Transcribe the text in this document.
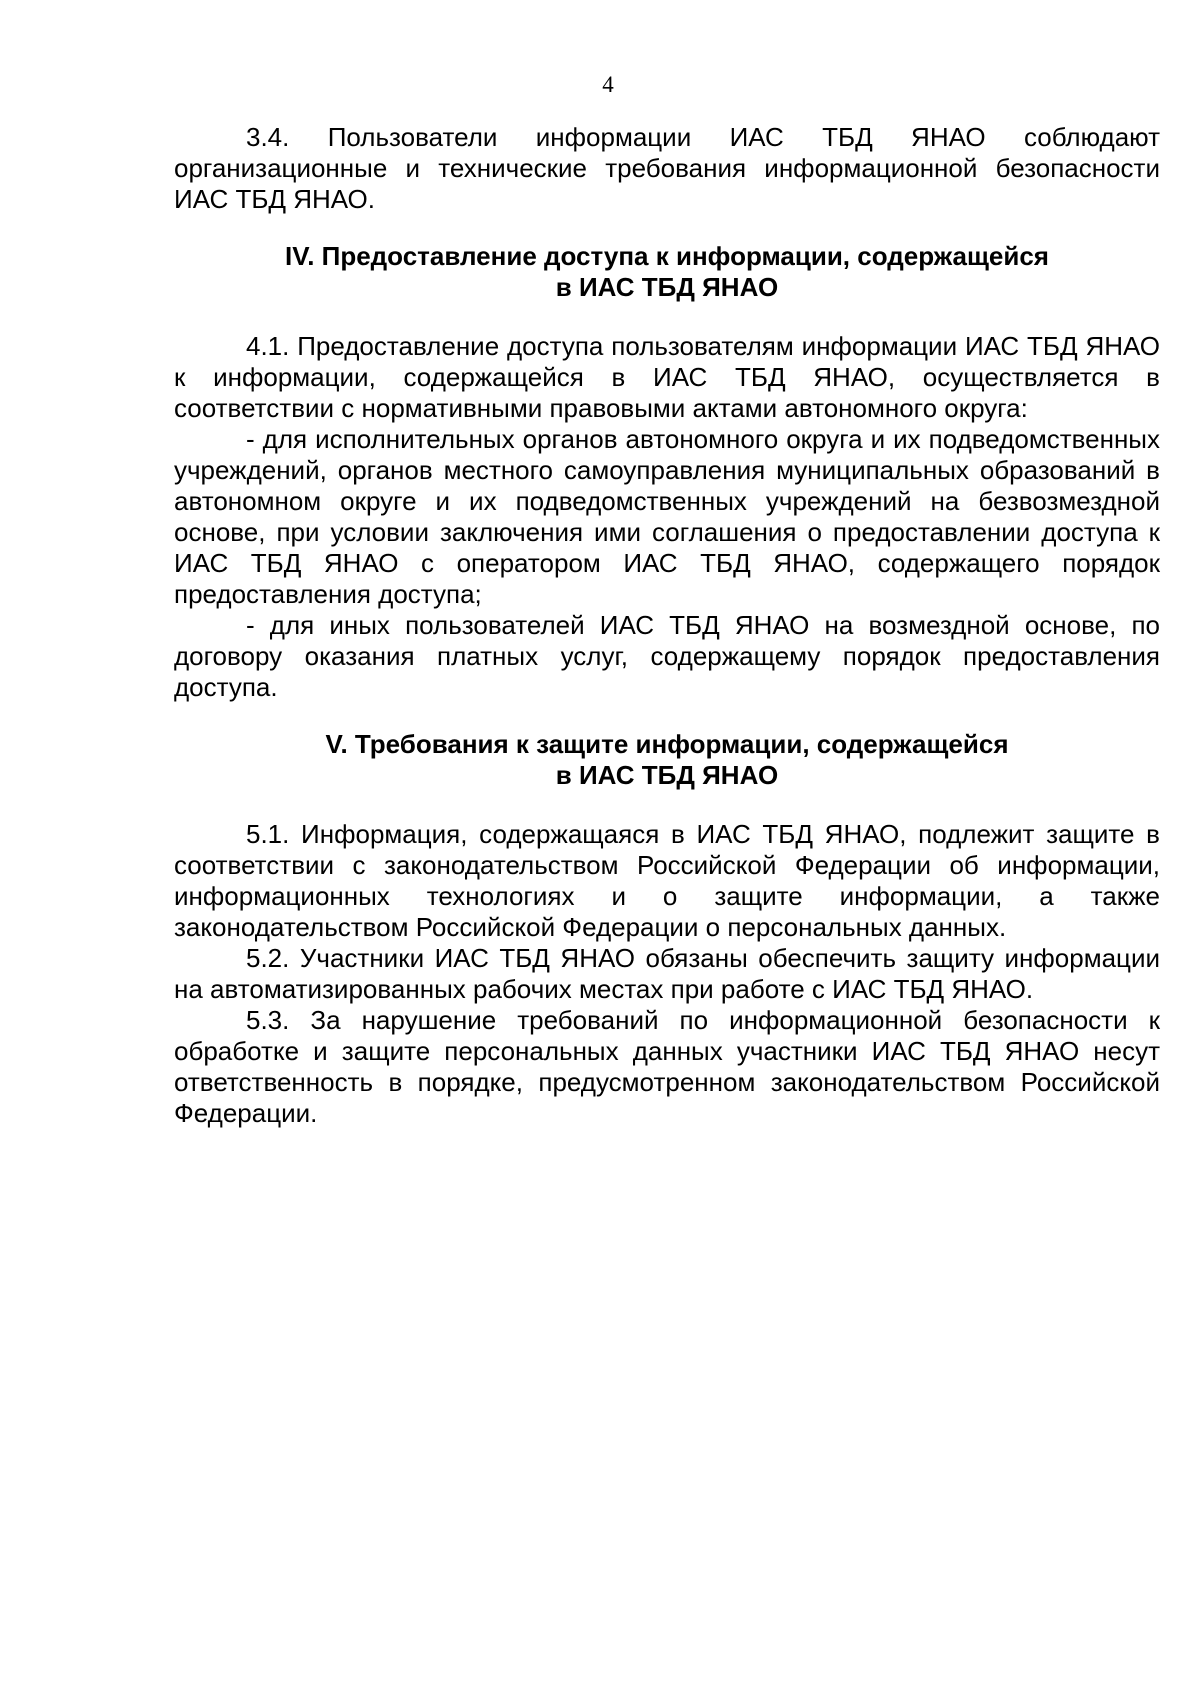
4

3.4. Пользователи информации ИАС ТБД ЯНАО соблюдают организационные и технические требования информационной безопасности ИАС ТБД ЯНАО.

IV. Предоставление доступа к информации, содержащейся
в ИАС ТБД ЯНАО

4.1. Предоставление доступа пользователям информации ИАС ТБД ЯНАО к информации, содержащейся в ИАС ТБД ЯНАО, осуществляется в соответствии с нормативными правовыми актами автономного округа:

- для исполнительных органов автономного округа и их подведомственных учреждений, органов местного самоуправления муниципальных образований в автономном округе и их подведомственных учреждений на безвозмездной основе, при условии заключения ими соглашения о предоставлении доступа к ИАС ТБД ЯНАО с оператором ИАС ТБД ЯНАО, содержащего порядок предоставления доступа;

- для иных пользователей ИАС ТБД ЯНАО на возмездной основе, по договору оказания платных услуг, содержащему порядок предоставления доступа.

V. Требования к защите информации, содержащейся
в ИАС ТБД ЯНАО

5.1. Информация, содержащаяся в ИАС ТБД ЯНАО, подлежит защите в соответствии с законодательством Российской Федерации об информации, информационных технологиях и о защите информации, а также законодательством Российской Федерации о персональных данных.

5.2. Участники ИАС ТБД ЯНАО обязаны обеспечить защиту информации на автоматизированных рабочих местах при работе с ИАС ТБД ЯНАО.

5.3. За нарушение требований по информационной безопасности к обработке и защите персональных данных участники ИАС ТБД ЯНАО несут ответственность в порядке, предусмотренном законодательством Российской Федерации.
